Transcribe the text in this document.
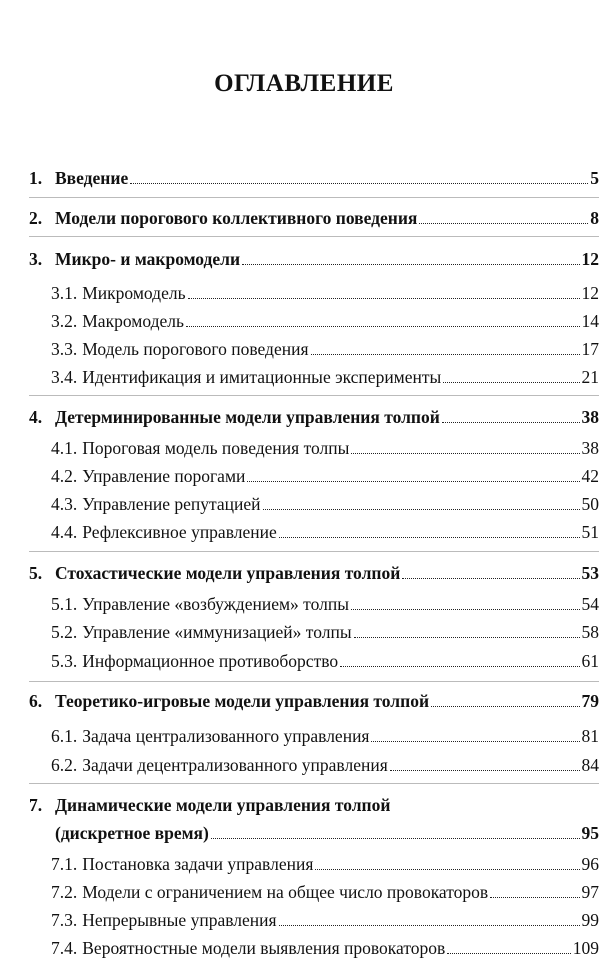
ОГЛАВЛЕНИЕ
1. Введение	5
2. Модели порогового коллективного поведения	8
3. Микро- и макромодели	12
3.1. Микромодель	12
3.2. Макромодель	14
3.3. Модель порогового поведения	17
3.4. Идентификация и имитационные эксперименты	21
4. Детерминированные модели управления толпой	38
4.1. Пороговая модель поведения толпы	38
4.2. Управление порогами	42
4.3. Управление репутацией	50
4.4. Рефлексивное управление	51
5. Стохастические модели управления толпой	53
5.1. Управление «возбуждением» толпы	54
5.2. Управление «иммунизацией» толпы	58
5.3. Информационное противоборство	61
6. Теоретико-игровые модели управления толпой	79
6.1. Задача централизованного управления	81
6.2. Задачи децентрализованного управления	84
7. Динамические модели управления толпой
(дискретное время)	95
7.1. Постановка задачи управления	96
7.2. Модели с ограничением на общее число провокаторов	97
7.3. Непрерывные управления	99
7.4. Вероятностные модели выявления провокаторов	109
